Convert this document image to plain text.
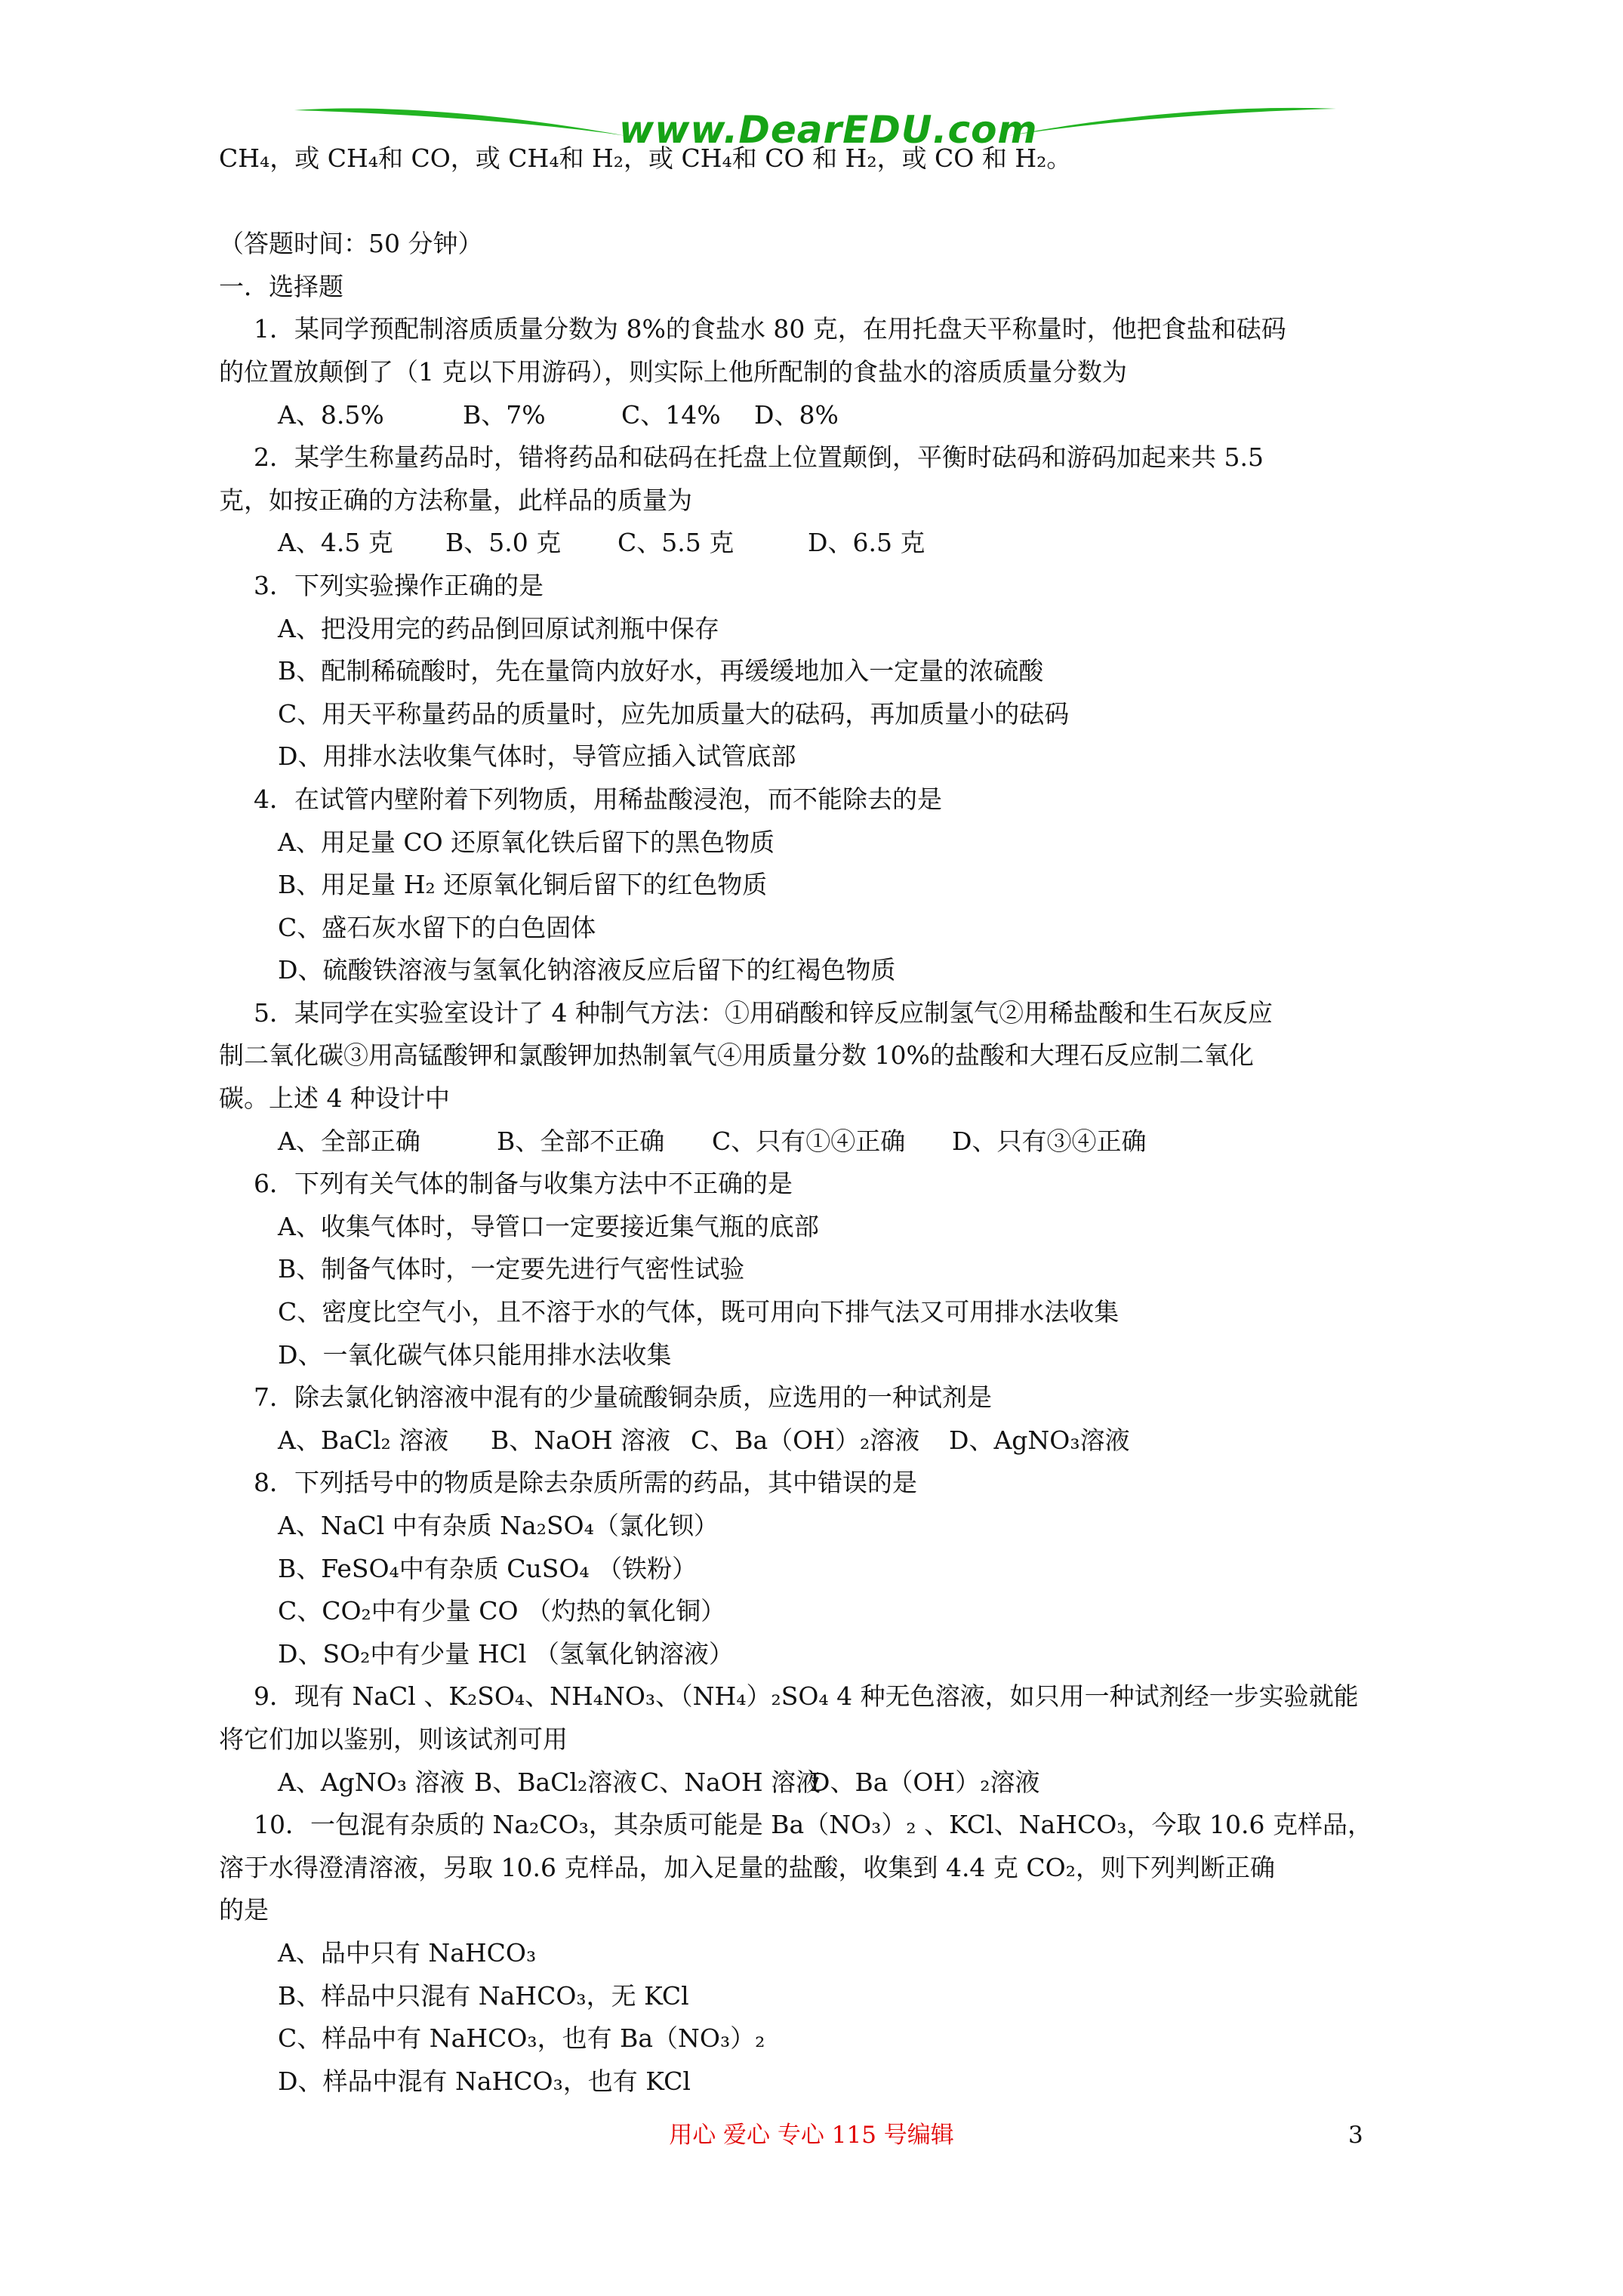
www.DearEDU.com

CH₄，或 CH₄和 CO，或 CH₄和 H₂，或 CH₄和 CO 和 H₂，或 CO 和 H₂。

（答题时间：50 分钟）

一．选择题

1．某同学预配制溶质质量分数为 8%的食盐水 80 克，在用托盘天平称量时，他把食盐和砝码

的位置放颠倒了（1 克以下用游码），则实际上他所配制的食盐水的溶质质量分数为

A、8.5%	B、7%	C、14% D、8%

2．某学生称量药品时，错将药品和砝码在托盘上位置颠倒，平衡时砝码和游码加起来共 5.5

克，如按正确的方法称量，此样品的质量为

A、4.5 克 B、5.0 克 C、5.5 克	D、6.5 克

3．下列实验操作正确的是

A、把没用完的药品倒回原试剂瓶中保存

B、配制稀硫酸时，先在量筒内放好水，再缓缓地加入一定量的浓硫酸

C、用天平称量药品的质量时，应先加质量大的砝码，再加质量小的砝码

D、用排水法收集气体时，导管应插入试管底部

4．在试管内壁附着下列物质，用稀盐酸浸泡，而不能除去的是

A、用足量 CO 还原氧化铁后留下的黑色物质

B、用足量 H₂ 还原氧化铜后留下的红色物质

C、盛石灰水留下的白色固体

D、硫酸铁溶液与氢氧化钠溶液反应后留下的红褐色物质

5．某同学在实验室设计了 4 种制气方法：①用硝酸和锌反应制氢气②用稀盐酸和生石灰反应

制二氧化碳③用高锰酸钾和氯酸钾加热制氧气④用质量分数 10%的盐酸和大理石反应制二氧化

碳。上述 4 种设计中

A、全部正确	B、全部不正确 C、只有①④正确 D、只有③④正确

6．下列有关气体的制备与收集方法中不正确的是

A、收集气体时，导管口一定要接近集气瓶的底部

B、制备气体时，一定要先进行气密性试验

C、密度比空气小，且不溶于水的气体，既可用向下排气法又可用排水法收集

D、一氧化碳气体只能用排水法收集

7．除去氯化钠溶液中混有的少量硫酸铜杂质，应选用的一种试剂是

A、BaCl₂ 溶液 B、NaOH 溶液 C、Ba（OH）₂溶液 D、AgNO₃溶液

8．下列括号中的物质是除去杂质所需的药品，其中错误的是

A、NaCl 中有杂质 Na₂SO₄（氯化钡）

B、FeSO₄中有杂质 CuSO₄ （铁粉）

C、CO₂中有少量 CO （灼热的氧化铜）

D、SO₂中有少量 HCl （氢氧化钠溶液）

9．现有 NaCl 、K₂SO₄、NH₄NO₃、（NH₄）₂SO₄ 4 种无色溶液，如只用一种试剂经一步实验就能

将它们加以鉴别，则该试剂可用

A、AgNO₃ 溶液 B、BaCl₂溶液 C、NaOH 溶液D、Ba（OH）₂溶液

10．一包混有杂质的 Na₂CO₃，其杂质可能是 Ba（NO₃）₂ 、KCl、NaHCO₃，今取 10.6 克样品，

溶于水得澄清溶液，另取 10.6 克样品，加入足量的盐酸，收集到 4.4 克 CO₂，则下列判断正确

的是

A、品中只有 NaHCO₃

B、样品中只混有 NaHCO₃，无 KCl

C、样品中有 NaHCO₃，也有 Ba（NO₃）₂

D、样品中混有 NaHCO₃，也有 KCl

用心 爱心 专心 115 号编辑	3
